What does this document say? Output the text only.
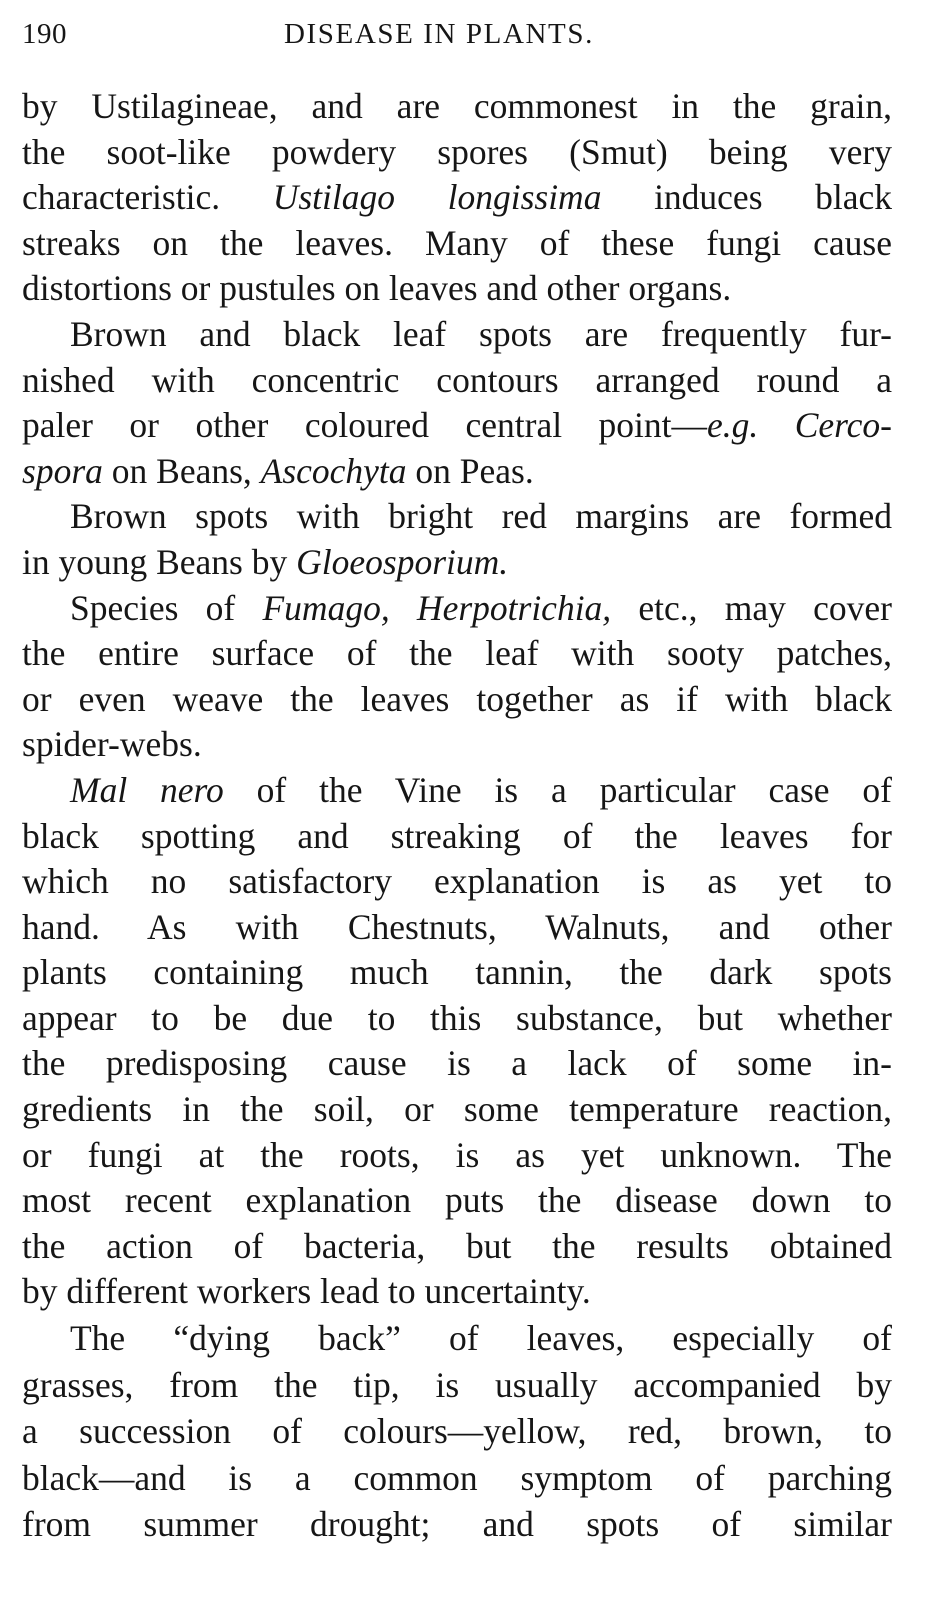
190	DISEASE IN PLANTS.
by Ustilagineae, and are commonest in the grain,
the soot-like powdery spores (Smut) being very
characteristic. Ustilago longissima induces black
streaks on the leaves. Many of these fungi cause
distortions or pustules on leaves and other organs.
Brown and black leaf spots are frequently fur-
nished with concentric contours arranged round a
paler or other coloured central point—e.g. Cerco-
spora on Beans, Ascochyta on Peas.
Brown spots with bright red margins are formed
in young Beans by Gloeosporium.
Species of Fumago, Herpotrichia, etc., may cover
the entire surface of the leaf with sooty patches,
or even weave the leaves together as if with black
spider-webs.
Mal nero of the Vine is a particular case of
black spotting and streaking of the leaves for
which no satisfactory explanation is as yet to
hand. As with Chestnuts, Walnuts, and other
plants containing much tannin, the dark spots
appear to be due to this substance, but whether
the predisposing cause is a lack of some in-
gredients in the soil, or some temperature reaction,
or fungi at the roots, is as yet unknown. The
most recent explanation puts the disease down to
the action of bacteria, but the results obtained
by different workers lead to uncertainty.
The “dying back” of leaves, especially of
grasses, from the tip, is usually accompanied by
a succession of colours—yellow, red, brown, to
black—and is a common symptom of parching
from summer drought; and spots of similar
